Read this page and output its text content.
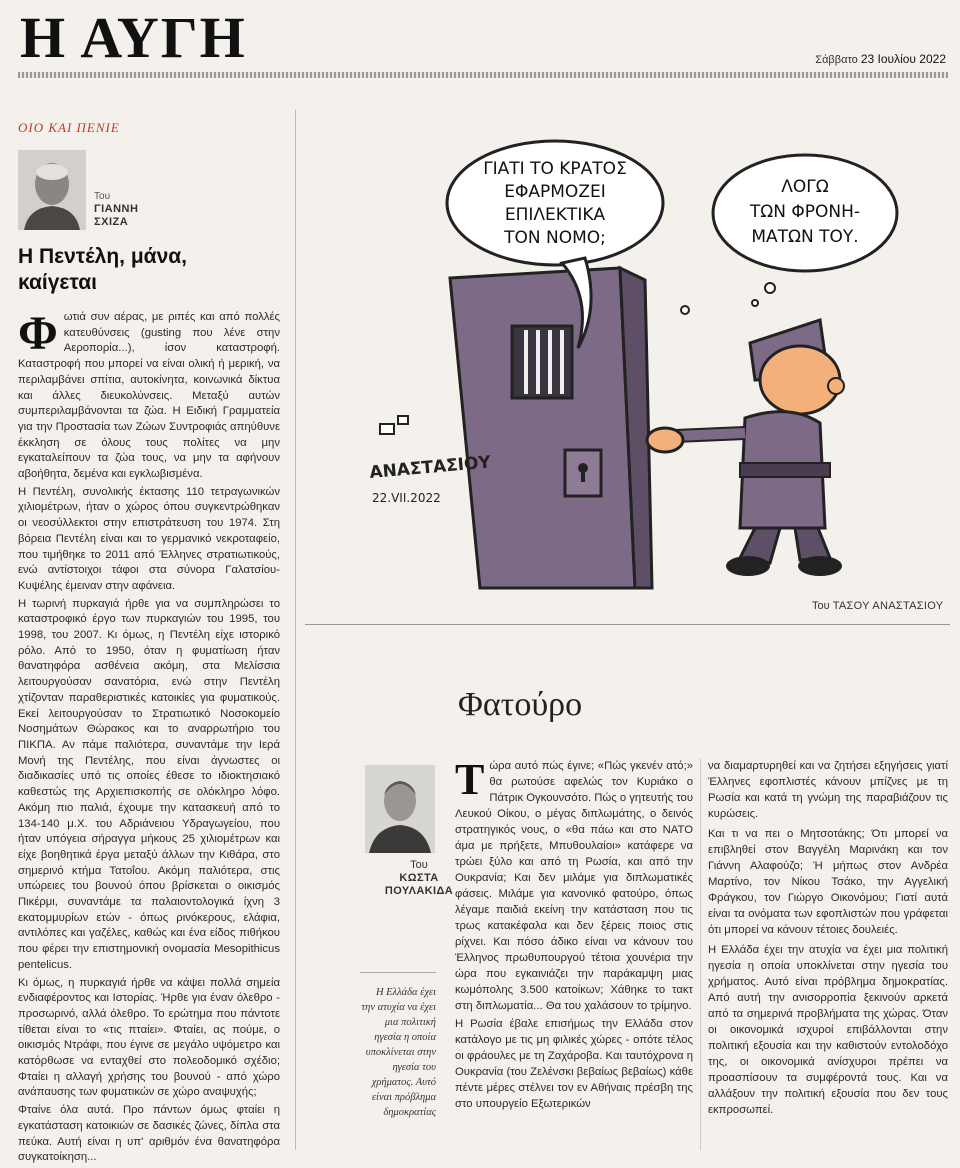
Η ΑΥΓΗ	Σάββατο 23 Ιουλίου 2022
ΟΙΟ ΚΑΙ ΠΕΝΙΕ
Του
ΓΙΑΝΝΗ
ΣΧΙΖΑ
Η Πεντέλη, μάνα, καίγεται

Φωτιά συν αέρας, με ριπές και από πολλές κατευθύνσεις (gusting που λένε στην Αεροπορία...), ίσον καταστροφή. Καταστροφή που μπορεί να είναι ολική ή μερική, να περιλαμβάνει σπίτια, αυτοκίνητα, κοινωνικά δίκτυα και άλλες διευκολύνσεις. Μεταξύ αυτών συμπεριλαμβάνονται τα ζώα. Η Ειδική Γραμματεία για την Προστασία των Ζώων Συντροφιάς απηύθυνε έκκληση σε όλους τους πολίτες να μην εγκαταλείπουν τα ζώα τους, να μην τα αφήνουν αβοήθητα, δεμένα και εγκλωβισμένα.

Η Πεντέλη, συνολικής έκτασης 110 τετραγωνικών χιλιομέτρων, ήταν ο χώρος όπου συγκεντρώθηκαν οι νεοσύλλεκτοι στην επιστράτευση του 1974. Στη βόρεια Πεντέλη είναι και το γερμανικό νεκροταφείο, που τιμήθηκε το 2011 από Έλληνες στρατιωτικούς, ενώ αντίστοιχοι τάφοι στα σύνορα Γαλατσίου-Κυψέλης έμειναν στην αφάνεια.

Η τωρινή πυρκαγιά ήρθε για να συμπληρώσει το καταστροφικό έργο των πυρκαγιών του 1995, του 1998, του 2007. Κι όμως, η Πεντέλη είχε ιστορικό ρόλο. Από το 1950, όταν η φυματίωση ήταν θανατηφόρα ασθένεια ακόμη, στα Μελίσσια λειτουργούσαν σανατόρια, ενώ στην Πεντέλη χτίζονταν παραθεριστικές κατοικίες για φυματικούς. Εκεί λειτουργούσαν το Στρατιωτικό Νοσοκομείο Νοσημάτων Θώρακος και το αναρρωτήριο του ΠΙΚΠΑ. Αν πάμε παλιότερα, συναντάμε την Ιερά Μονή της Πεντέλης, που είναι άγνωστες οι διαδικασίες υπό τις οποίες έθεσε το ιδιοκτησιακό καθεστώς της Αρχιεπισκοπής σε ολόκληρο λόφο. Ακόμη πιο παλιά, έχουμε την κατασκευή από το 134-140 μ.Χ. του Αδριάνειου Υδραγωγείου, που ήταν υπόγεια σήραγγα μήκους 25 χιλιομέτρων και είχε βοηθητικά έργα μεταξύ άλλων την Κιθάρα, στο σημερινό κτήμα Τατοΐου. Ακόμη παλιότερα, στις υπώρειες του βουνού όπου βρίσκεται ο οικισμός Πικέρμι, συναντάμε τα παλαιοντολογικά ίχνη 3 εκατομμυρίων ετών - όπως ρινόκερους, ελάφια, αντιλόπες και γαζέλες, καθώς και ένα είδος πιθήκου που φέρει την επιστημονική ονομασία Mesopithicus pentelicus.

Κι όμως, η πυρκαγιά ήρθε να κάψει πολλά σημεία ενδιαφέροντος και Ιστορίας. Ήρθε για έναν όλεθρο - προσωρινό, αλλά όλεθρο. Το ερώτημα που πάντοτε τίθεται είναι το «τις πταίει». Φταίει, ας πούμε, ο οικισμός Ντράφι, που έγινε σε μεγάλο υψόμετρο και κατόρθωσε να ενταχθεί στο πολεοδομικό σχέδιο; Φταίει η αλλαγή χρήσης του βουνού - από χώρο ανάπαυσης των φυματικών σε χώρο αναψυχής;

Φταίνε όλα αυτά. Προ πάντων όμως φταίει η εγκατάσταση κατοικιών σε δασικές ζώνες, δίπλα στα πεύκα. Αυτή είναι η υπ' αριθμόν ένα θανατηφόρα συγκατοίκηση...

ΓΙΑΤΙ ΤΟ ΚΡΑΤΟΣ
ΕΦΑΡΜΟΖΕΙ
ΕΠΙΛΕΚΤΙΚΑ
ΤΟΝ ΝΟΜΟ;
ΛΟΓΩ
ΤΩΝ ΦΡΟΝΗ-
ΜΑΤΩΝ ΤΟΥ.
ΑΝΑΣΤΑΣΙΟΥ
22.VII.2022
Του ΤΑΣΟΥ ΑΝΑΣΤΑΣΙΟΥ
Φατούρο
Του
ΚΩΣΤΑ
ΠΟΥΛΑΚΙΔΑ
Η Ελλάδα έχει την ατυχία να έχει μια πολιτική ηγεσία η οποία υποκλίνεται στην ηγεσία του χρήματος. Αυτό είναι πρόβλημα δημοκρατίας

Τώρα αυτό πώς έγινε; «Πώς γκενέν ατό;» θα ρωτούσε αφελώς τον Κυριάκο ο Πάτρικ Ογκουνσότο. Πώς ο γητευτής του Λευκού Οίκου, ο μέγας διπλωμάτης, ο δεινός στρατηγικός νους, ο «θα πάω και στο ΝΑΤΟ άμα με πρήξετε, Μπυθουλαίοι» κατάφερε να τρώει ξύλο και από τη Ρωσία, και από την Ουκρανία; Και δεν μιλάμε για διπλωματικές φάσεις. Μιλάμε για κανονικό φατούρο, όπως λέγαμε παιδιά εκείνη την κατάσταση που τις τρως κατακέφαλα και δεν ξέρεις ποιος στις ρίχνει. Και πόσο άδικο είναι να κάνουν του Έλληνος πρωθυπουργού τέτοια χουνέρια την ώρα που εγκαινιάζει την παράκαμψη μιας κωμόπολης 3.500 κατοίκων; Χάθηκε το τακτ στη διπλωματία... Θα του χαλάσουν το τρίμηνο.

Η Ρωσία έβαλε επισήμως την Ελλάδα στον κατάλογο με τις μη φιλικές χώρες - οπότε τέλος οι φράουλες με τη Ζαχάροβα. Και ταυτόχρονα η Ουκρανία (του Ζελένσκι βεβαίως βεβαίως) κάθε πέντε μέρες στέλνει τον εν Αθήναις πρέσβη της στο υπουργείο Εξωτερικών

να διαμαρτυρηθεί και να ζητήσει εξηγήσεις γιατί Έλληνες εφοπλιστές κάνουν μπίζνες με τη Ρωσία και κατά τη γνώμη της παραβιάζουν τις κυρώσεις.

Και τι να πει ο Μητσοτάκης; Ότι μπορεί να επιβληθεί στον Βαγγέλη Μαρινάκη και τον Γιάννη Αλαφούζο; Ή μήπως στον Ανδρέα Μαρτίνο, τον Νίκου Τσάκο, την Αγγελική Φράγκου, τον Γιώργο Οικονόμου; Γιατί αυτά είναι τα ονόματα των εφοπλιστών που γράφεται ότι μπορεί να κάνουν τέτοιες δουλειές.

Η Ελλάδα έχει την ατυχία να έχει μια πολιτική ηγεσία η οποία υποκλίνεται στην ηγεσία του χρήματος. Αυτό είναι πρόβλημα δημοκρατίας. Από αυτή την ανισορροπία ξεκινούν αρκετά από τα σημερινά προβλήματα της χώρας. Όταν οι οικονομικά ισχυροί επιβάλλονται στην πολιτική εξουσία και την καθιστούν εντολοδόχο της, οι οικονομικά ανίσχυροι πρέπει να προασπίσουν τα συμφέροντά τους. Και να αλλάξουν την πολιτική εξουσία που δεν τους εκπροσωπεί.
